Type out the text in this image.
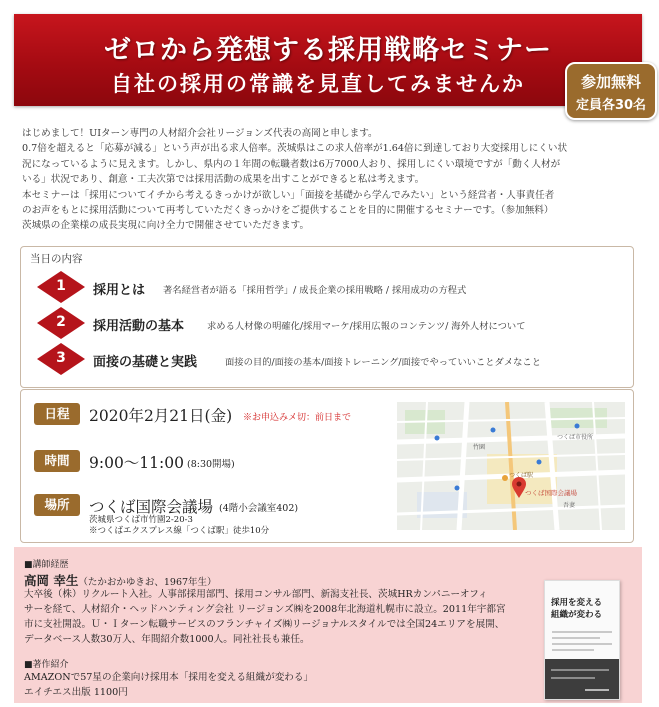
ゼロから発想する採用戦略セミナー
自社の採用の常識を見直してみませんか	参加無料
定員各30名

はじめまして！UIターン専門の人材紹介会社リージョンズ代表の高岡と申します。

0.7倍を超えると「応募が減る」という声が出る求人倍率。茨城県はこの求人倍率が1.64倍に到達しており大変採用しにくい状

況になっているように見えます。しかし、県内の１年間の転職者数は6万7000人おり、採用しにくい環境ですが「動く人材が

いる」状況であり、創意・工夫次第では採用活動の成果を出すことができると私は考えます。

本セミナーは「採用についてイチから考えるきっかけが欲しい」「面接を基礎から学んでみたい」という経営者・人事責任者

のお声をもとに採用活動について再考していただくきっかけをご提供することを目的に開催するセミナーです。（参加無料）

茨城県の企業様の成長実現に向け全力で開催させていただきます。

当日の内容
1	採用とは 著名経営者が語る「採用哲学」/ 成長企業の採用戦略 / 採用成功の方程式
2	採用活動の基本 求める人材像の明確化/採用マーケ/採用広報のコンテンツ/ 海外人材について
3	面接の基礎と実践	面接の目的/面接の基本/面接トレーニング/面接でやっていいことダメなこと
日程	2020年2月21日(金) ※お申込みメ切：前日まで
時間	9:00～11:00 (8:30開場)
場所	つくば国際会議場 (4階小会議室402)
茨城県つくば市竹園2-20-3
※つくばエクスプレス線「つくば駅」徒歩10分
つくば国際会議場
つくば駅
竹園
吾妻
つくば市役所
■講師経歴
高岡 幸生（たかおかゆきお、1967年生）

大卒後（株）リクルート入社。人事部採用部門、採用コンサル部門、新潟支社長、茨城HRカンパニーオフィ

サーを経て、人材紹介・ヘッドハンティング会社 リージョンズ㈱を2008年北海道札幌市に設立。2011年宇都宮

市に支社開設。Ｕ・Ｉターン転職サービスのフランチャイズ㈱リージョナルスタイルでは全国24エリアを展開、

データベース人数30万人、年間紹介数1000人。同社社長も兼任。

■著作紹介
AMAZONで57星の企業向け採用本「採用を変える組織が変わる」
エイチエス出版 1100円
採用を変える
組織が変わる
